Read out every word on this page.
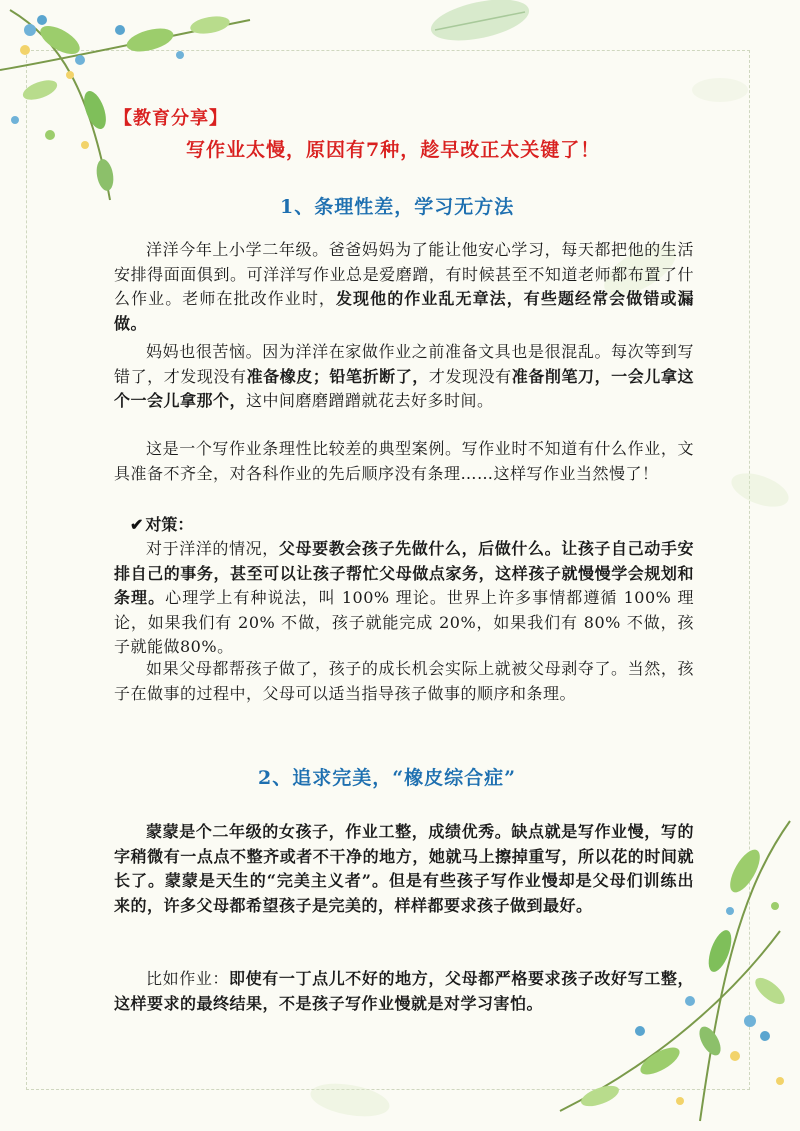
【教育分享】
写作业太慢，原因有7种，趁早改正太关键了！
1、条理性差，学习无方法
洋洋今年上小学二年级。爸爸妈妈为了能让他安心学习，每天都把他的生活安排得面面俱到。可洋洋写作业总是爱磨蹭，有时候甚至不知道老师都布置了什么作业。老师在批改作业时，发现他的作业乱无章法，有些题经常会做错或漏做。
妈妈也很苦恼。因为洋洋在家做作业之前准备文具也是很混乱。每次等到写错了，才发现没有准备橡皮；铅笔折断了，才发现没有准备削笔刀，一会儿拿这个一会儿拿那个，这中间磨磨蹭蹭就花去好多时间。
这是一个写作业条理性比较差的典型案例。写作业时不知道有什么作业，文具准备不齐全，对各科作业的先后顺序没有条理……这样写作业当然慢了！
✔ 对策：
对于洋洋的情况，父母要教会孩子先做什么，后做什么。让孩子自己动手安排自己的事务，甚至可以让孩子帮忙父母做点家务，这样孩子就慢慢学会规划和条理。心理学上有种说法，叫 100% 理论。世界上许多事情都遵循 100% 理论，如果我们有 20% 不做，孩子就能完成 20%，如果我们有 80% 不做，孩子就能做80%。
如果父母都帮孩子做了，孩子的成长机会实际上就被父母剥夺了。当然，孩子在做事的过程中，父母可以适当指导孩子做事的顺序和条理。
2、追求完美，“橡皮综合症”
蒙蒙是个二年级的女孩子，作业工整，成绩优秀。缺点就是写作业慢，写的字稍微有一点点不整齐或者不干净的地方，她就马上擦掉重写，所以花的时间就长了。蒙蒙是天生的“完美主义者”。但是有些孩子写作业慢却是父母们训练出来的，许多父母都希望孩子是完美的，样样都要求孩子做到最好。
比如作业：即使有一丁点儿不好的地方，父母都严格要求孩子改好写工整，这样要求的最终结果，不是孩子写作业慢就是对学习害怕。
